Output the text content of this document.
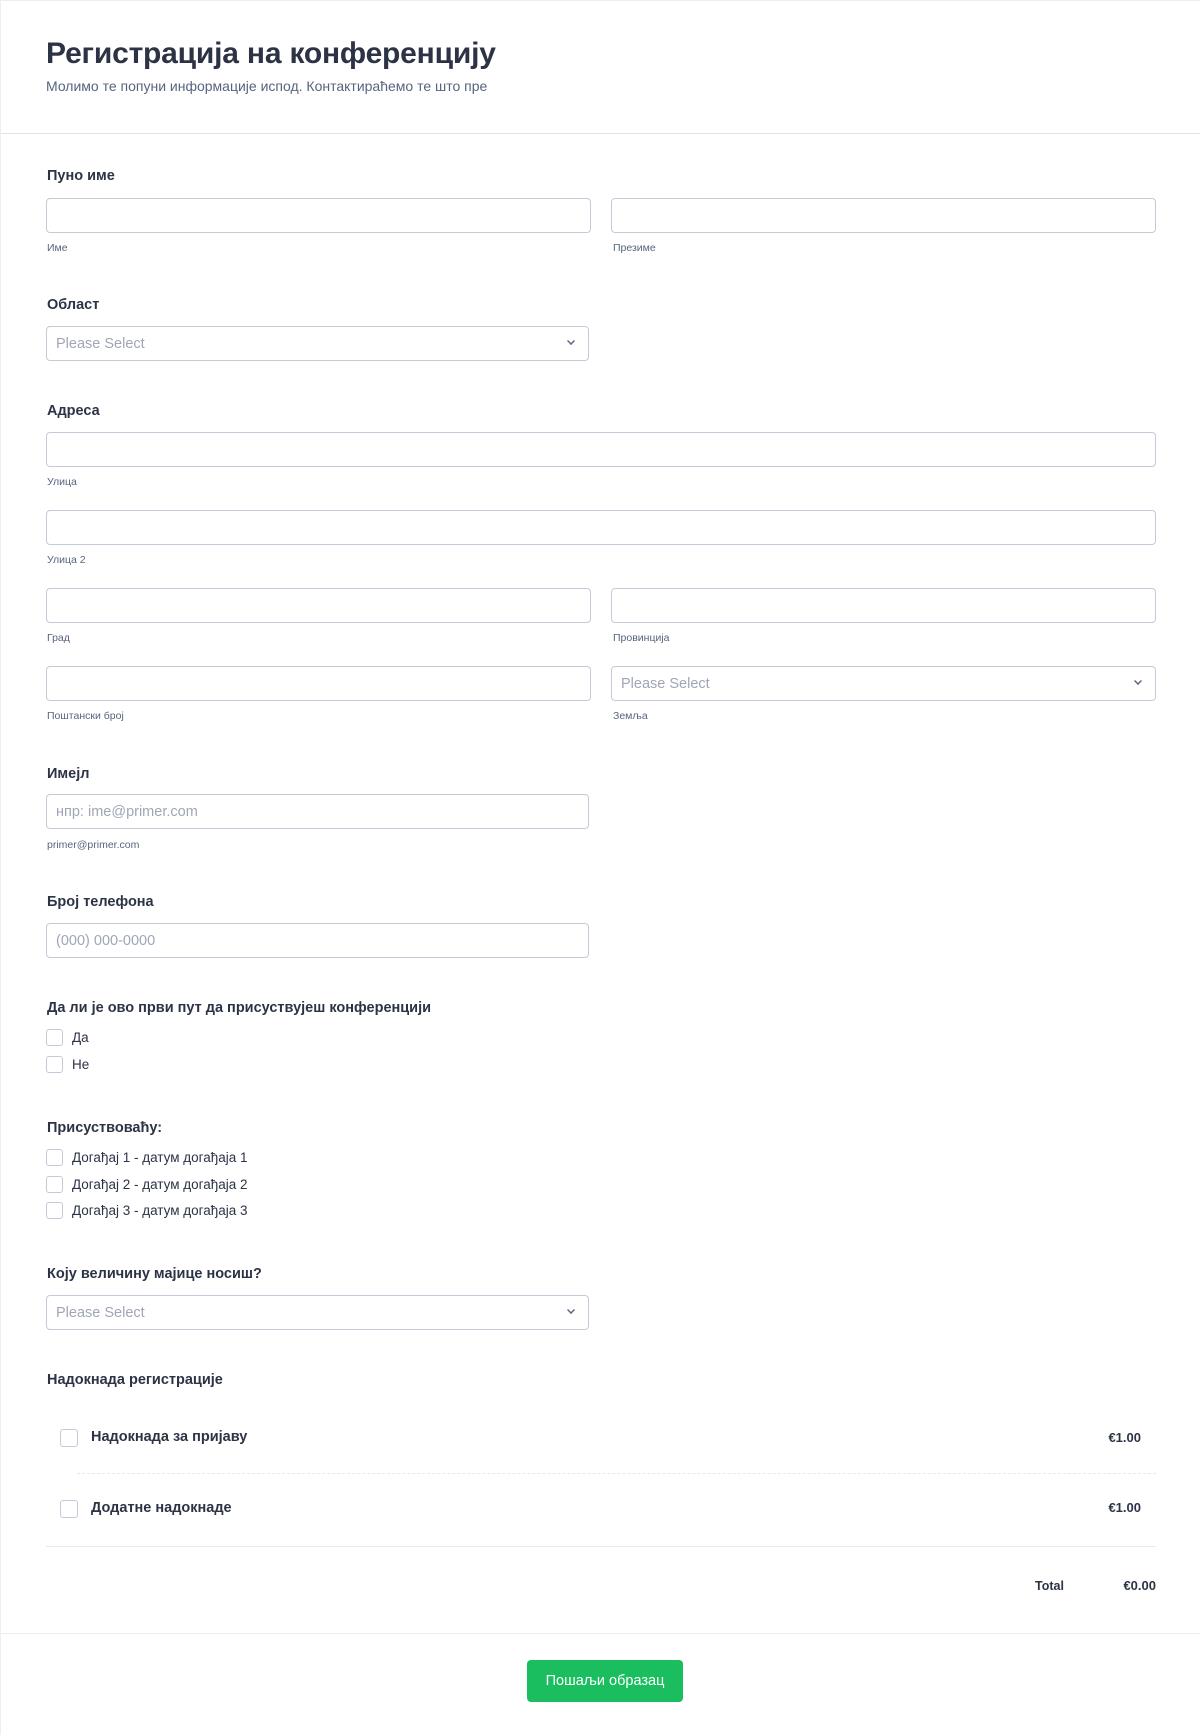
Регистрација на конференцију
Молимо те попуни информације испод. Контактираћемо те што пре
Пуно име
Име	Презиме
Област
Please Select
Адреса
Улица
Улица 2
Град	Провинција
Поштански број
Please Select
Земља
Имејл
нпр: ime@primer.com
primer@primer.com
Број телефона
(000) 000-0000
Да ли је ово први пут да присуствујеш конференцији
Да
Не
Присуствоваћу:
Догађај 1 - датум догађаја 1
Догађај 2 - датум догађаја 2
Догађај 3 - датум догађаја 3
Коју величину мајице носиш?
Please Select
Надокнада регистрације
Надокнада за пријаву	€1.00
Додатне надокнаде	€1.00
Total	€0.00
Пошаљи образац
